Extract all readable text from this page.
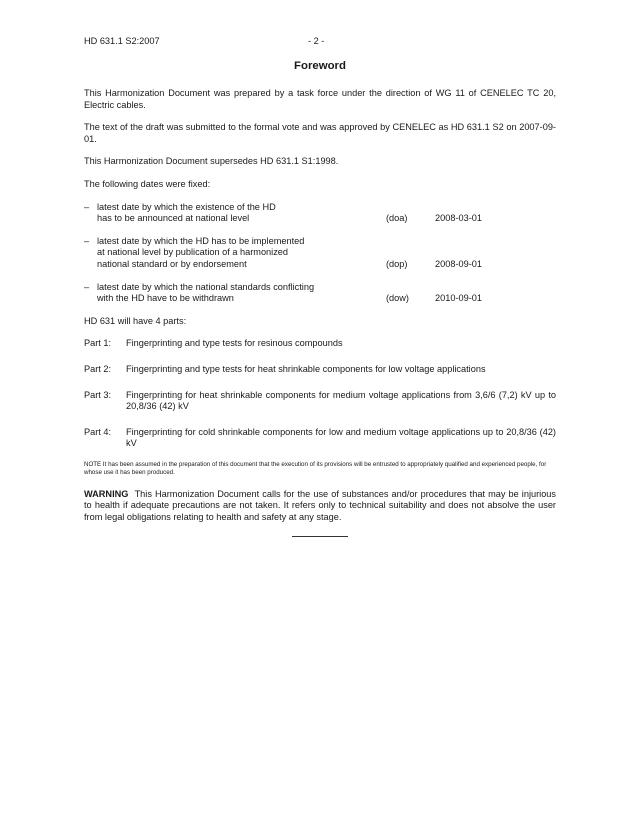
HD 631.1 S2:2007	- 2 -
Foreword

This Harmonization Document was prepared by a task force under the direction of WG 11 of CENELEC TC 20, Electric cables.

The text of the draft was submitted to the formal vote and was approved by CENELEC as HD 631.1 S2 on 2007-09-01.

This Harmonization Document supersedes HD 631.1 S1:1998.

The following dates were fixed:

– latest date by which the existence of the HD
has to be announced at national level	(doa)	2008-03-01
– latest date by which the HD has to be implemented
at national level by publication of a harmonized
national standard or by endorsement	(dop)	2008-09-01
– latest date by which the national standards conflicting
with the HD have to be withdrawn	(dow)	2010-09-01

HD 631 will have 4 parts:

Part 1:	Fingerprinting and type tests for resinous compounds
Part 2:	Fingerprinting and type tests for heat shrinkable components for low voltage applications
Part 3:	Fingerprinting for heat shrinkable components for medium voltage applications from 3,6/6 (7,2) kV up to 20,8/36 (42) kV
Part 4:	Fingerprinting for cold shrinkable components for low and medium voltage applications up to 20,8/36 (42) kV

NOTE It has been assumed in the preparation of this document that the execution of its provisions will be entrusted to appropriately qualified and experienced people, for whose use it has been produced.

WARNING This Harmonization Document calls for the use of substances and/or procedures that may be injurious to health if adequate precautions are not taken. It refers only to technical suitability and does not absolve the user from legal obligations relating to health and safety at any stage.
